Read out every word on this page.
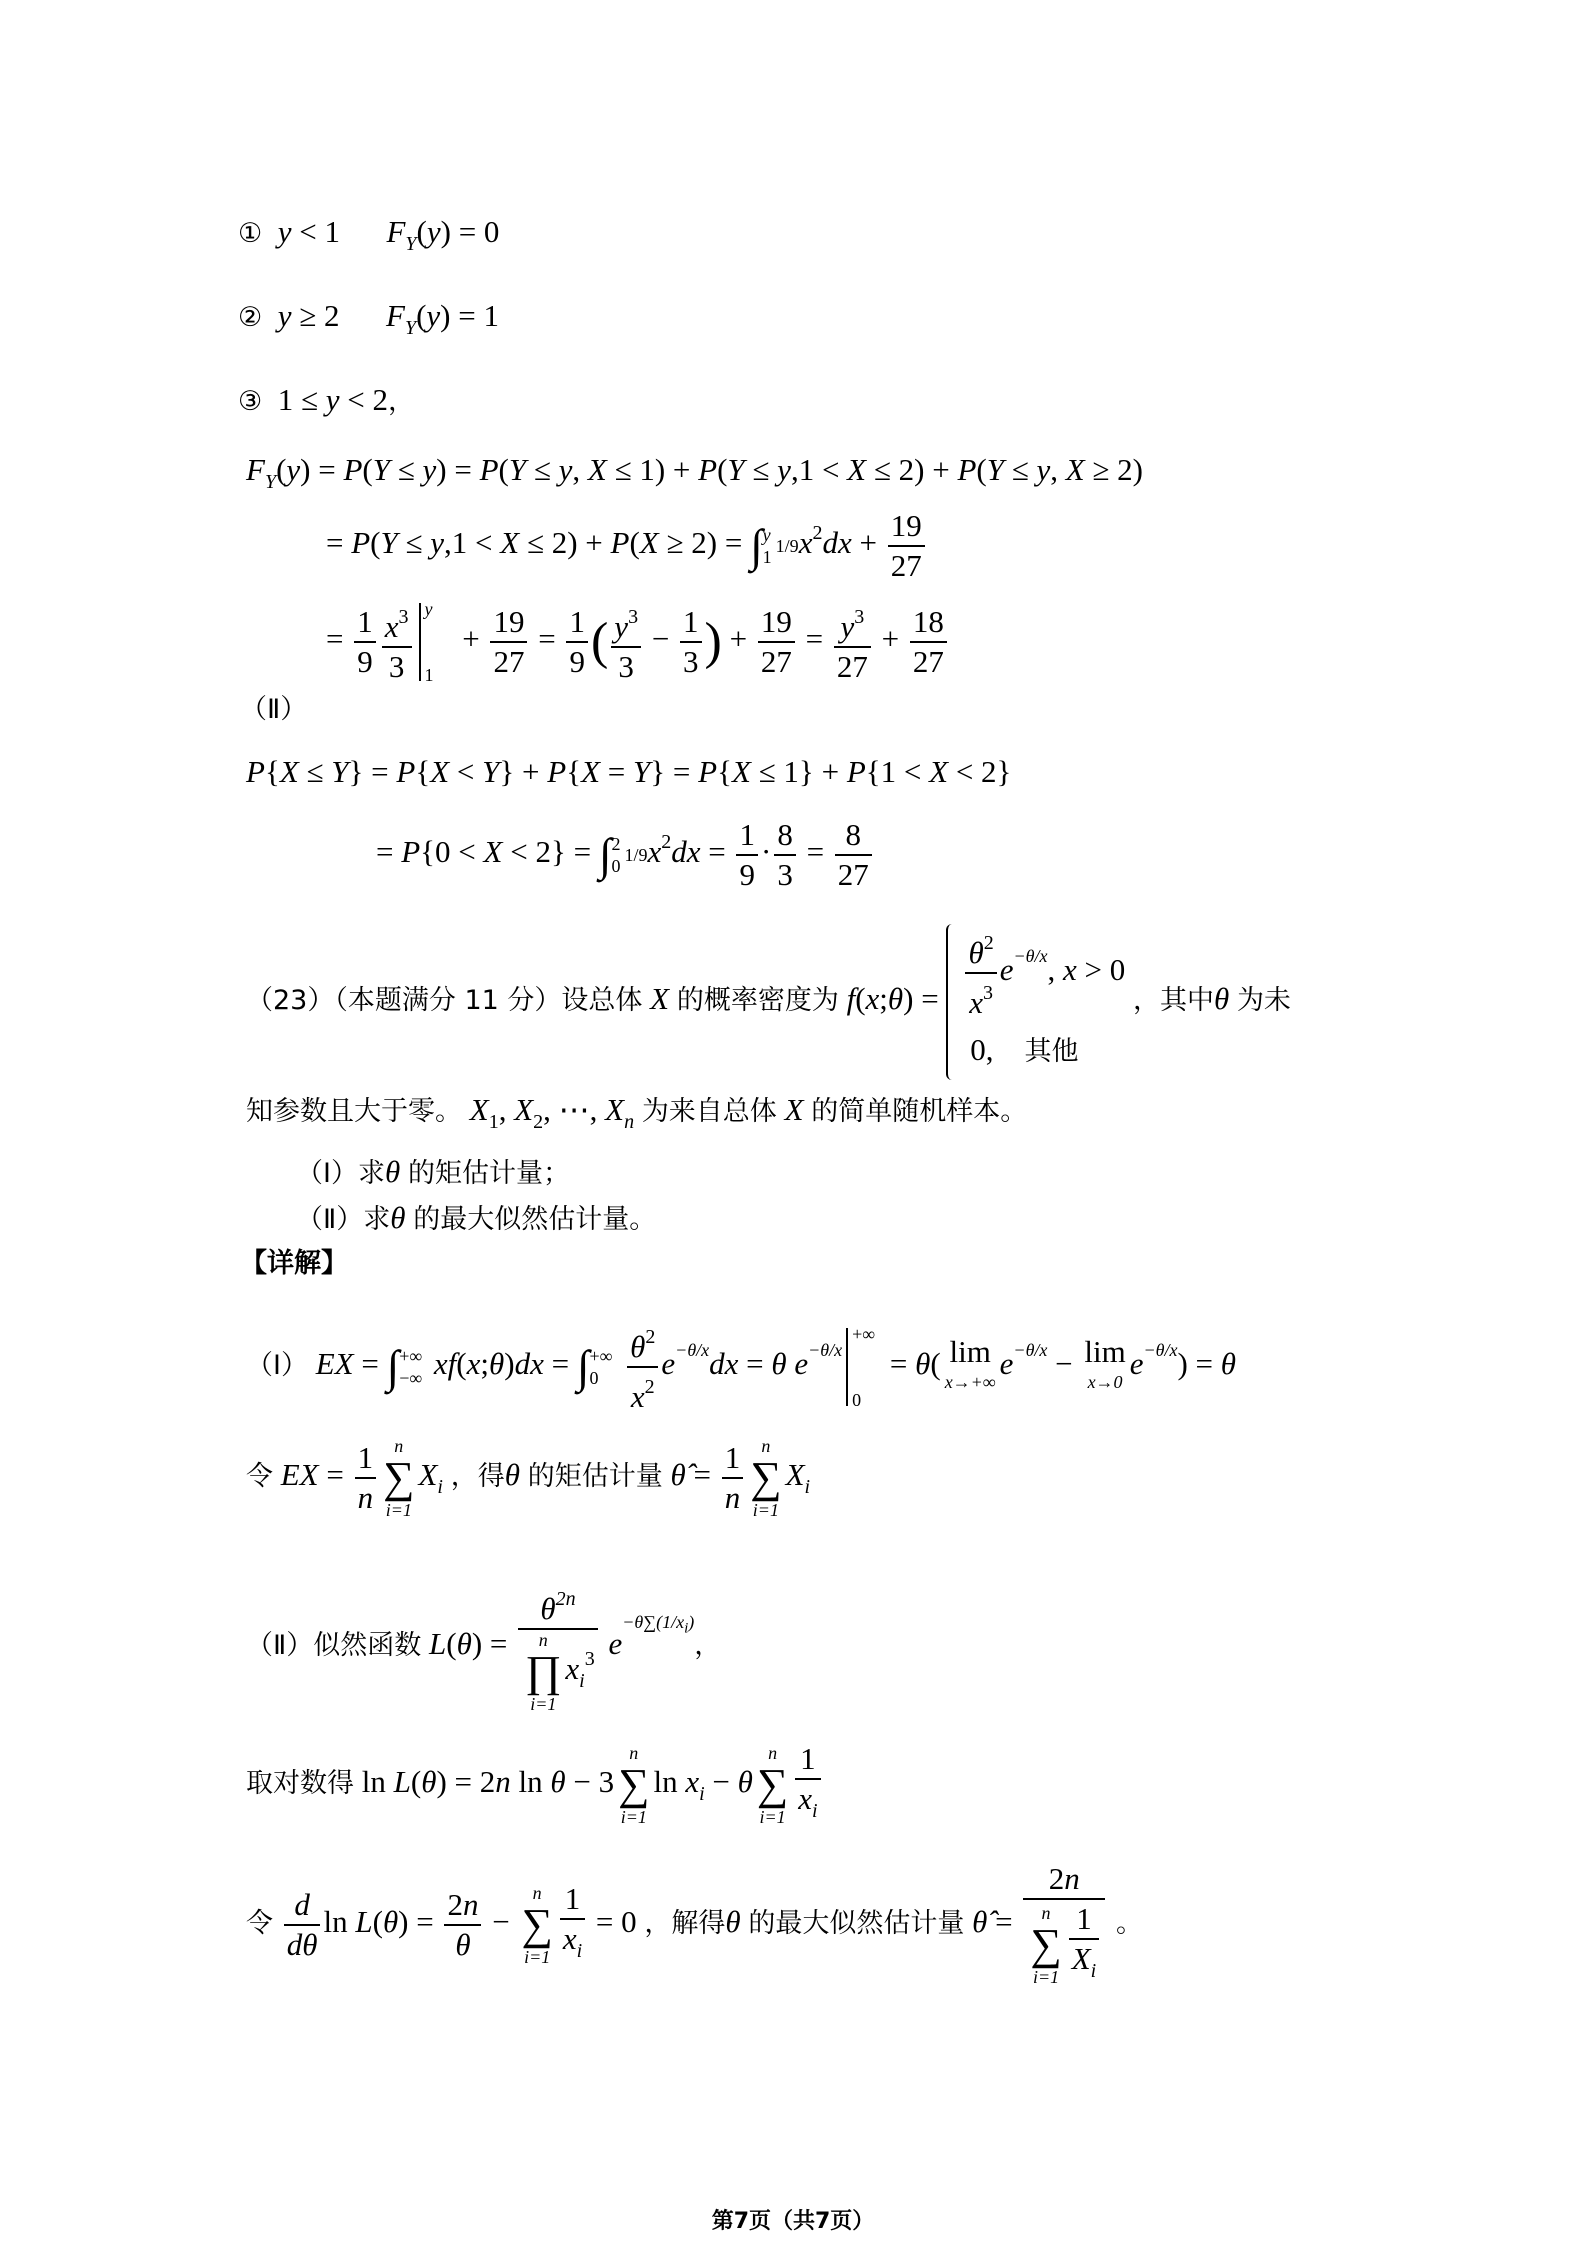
① y < 1      $F_Y(y) = 0$
② y ≥ 2      $F_Y(y) = 1$
③  1 ≤ y < 2，
$F_Y(y) = P(Y \le y) = P(Y \le y$, X ≤ 1) + P(Y ≤ y,1 < X ≤ 2) + P(Y ≤ y, X ≥ 2)
= P(Y ≤ y,1 < X ≤ 2) + P(X ≥ 2) = ∫ y
1
$1/9x^2dx + \frac{19}{27}$
= $\frac{1}{9} \frac{x^3}{3}$ y
1
+ $\frac{19}{27} = \frac{1}{9}$ ( $\frac{y^3}{3} - \frac{1}{3}$ ) + $\frac{19}{27} = \frac{y^3}{27} + \frac{18}{27}$
（Ⅱ）
P{X ≤ Y} = P{X < Y} + P{X = Y} = P{X ≤ 1} + P{1 < X < 2}
= P{0 < X < 2} = ∫ 2
0
$1/9x^2dx = \frac{1}{9} \cdot \frac{8}{3} = \frac{8}{27}$
（23）（本题满分 11 分）设总体 X 的概率密度为 f(x;θ) = $\frac{\theta^2}{x^3} e^{-\theta/x}$, x > 0
0,    其他
，其中θ 为未
知参数且大于零。 $X_1$, $X_2$, ⋯, $X_n$ 为来自总体 X 的简单随机样本。
（Ⅰ）求θ 的矩估计量；
（Ⅱ）求θ 的最大似然估计量。
【详解】
（Ⅰ） EX = ∫ +∞
−∞ xf(x;θ)dx = ∫ +∞
0
$\frac{\theta^2}{x^2} e^{-\theta/x}dx = \theta$ $e^{-\theta/x}$
+∞
0
= θ( lim
x→+∞
$e^{-\theta/x} - \lim$
x→0
$e^{-\theta/x}) = \theta$
令 EX = $\frac{1}{n}$	n
∑
i=1
$X_i$ ，得θ 的矩估计量 θ̂ = $\frac{1}{n}$	n
∑
i=1
$X_i$
（Ⅱ）似然函数 $L(\theta) = \theta^{2n}$
n
∏
i=1
$x_i^3$ $e^{-\theta\sum(1/x_i)}$，
取对数得 ln L(θ) = 2n ln θ − 3
n
∑
i=1
$\ln x_i - \theta$
n
∑
$i=1 \frac{1}{x_i}$
令 $\frac{d}{d\theta}$ $\ln L(\theta) = \frac{2n}{\theta}$ −
n
∑
$i=1 \frac{1}{x_i} = 0$ ，解得θ 的最大似然估计量 θ̂ = 2n
n
∑
$i=1 \frac{1}{X_i}$ 。
第7页（共7页）
